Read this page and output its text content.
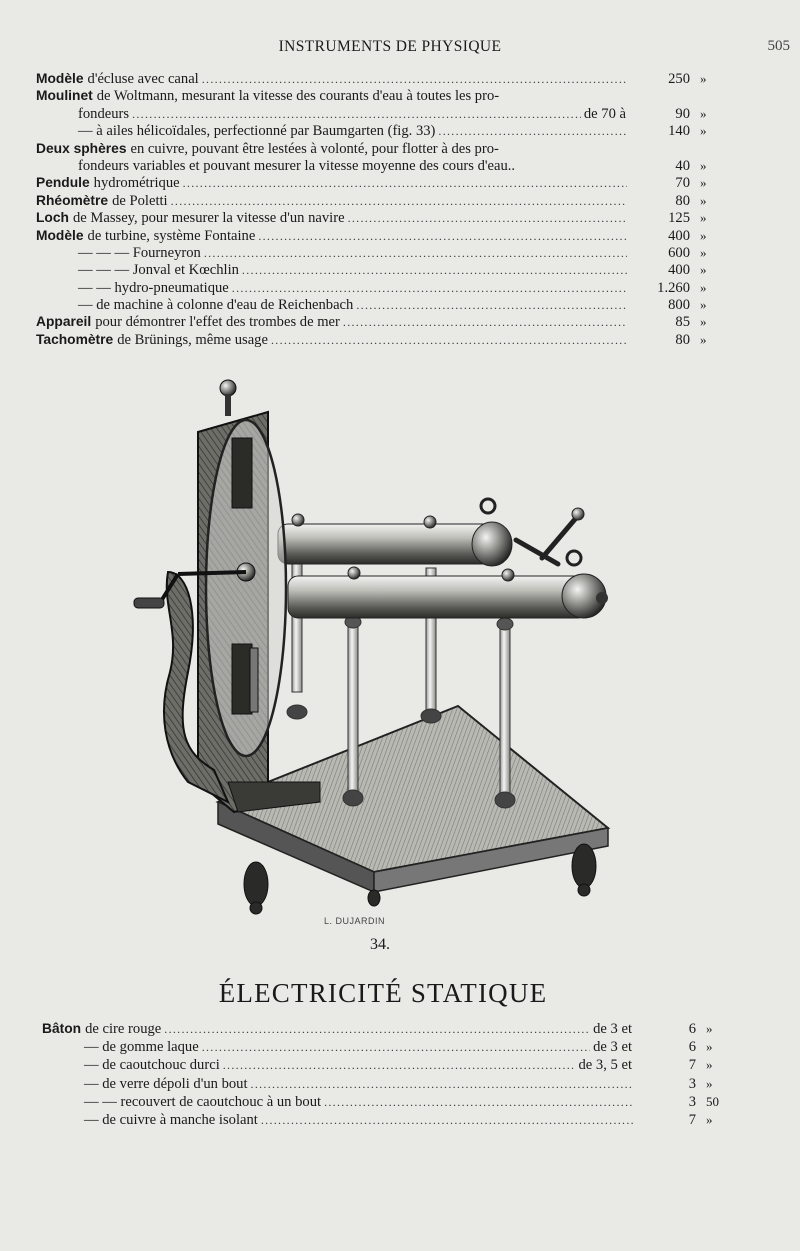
INSTRUMENTS DE PHYSIQUE	505
Modèle d'écluse avec canal .....	250 »
Moulinet de Woltmann, mesurant la vitesse des courants d'eau à toutes les pro-
fondeurs .....	de 70 à	90 »
— à ailes hélicoïdales, perfectionné par Baumgarten (fig. 33) .....	140 »
Deux sphères en cuivre, pouvant être lestées à volonté, pour flotter à des pro-
fondeurs variables et pouvant mesurer la vitesse moyenne des cours d'eau..	40 »
Pendule hydrométrique .....	70 »
Rhéomètre de Poletti .....	80 »
Loch de Massey, pour mesurer la vitesse d'un navire .....	125 »
Modèle de turbine, système Fontaine .....	400 »
— — — Fourneyron .....	600 »
— — — Jonval et Kœchlin .....	400 »
— — hydro-pneumatique .....	1.260 »
— de machine à colonne d'eau de Reichenbach .....	800 »
Appareil pour démontrer l'effet des trombes de mer .....	85 »
Tachomètre de Brünings, même usage .....	80 »
L. DUJARDIN
34.
ÉLECTRICITÉ STATIQUE
Bâton de cire rouge .....	de 3 et	6 »
— de gomme laque .....	de 3 et	6 »
— de caoutchouc durci .....	de 3, 5 et	7 »
— de verre dépoli d'un bout .....	3 »
— — recouvert de caoutchouc à un bout .....	3 50
— de cuivre à manche isolant .....	7 »
